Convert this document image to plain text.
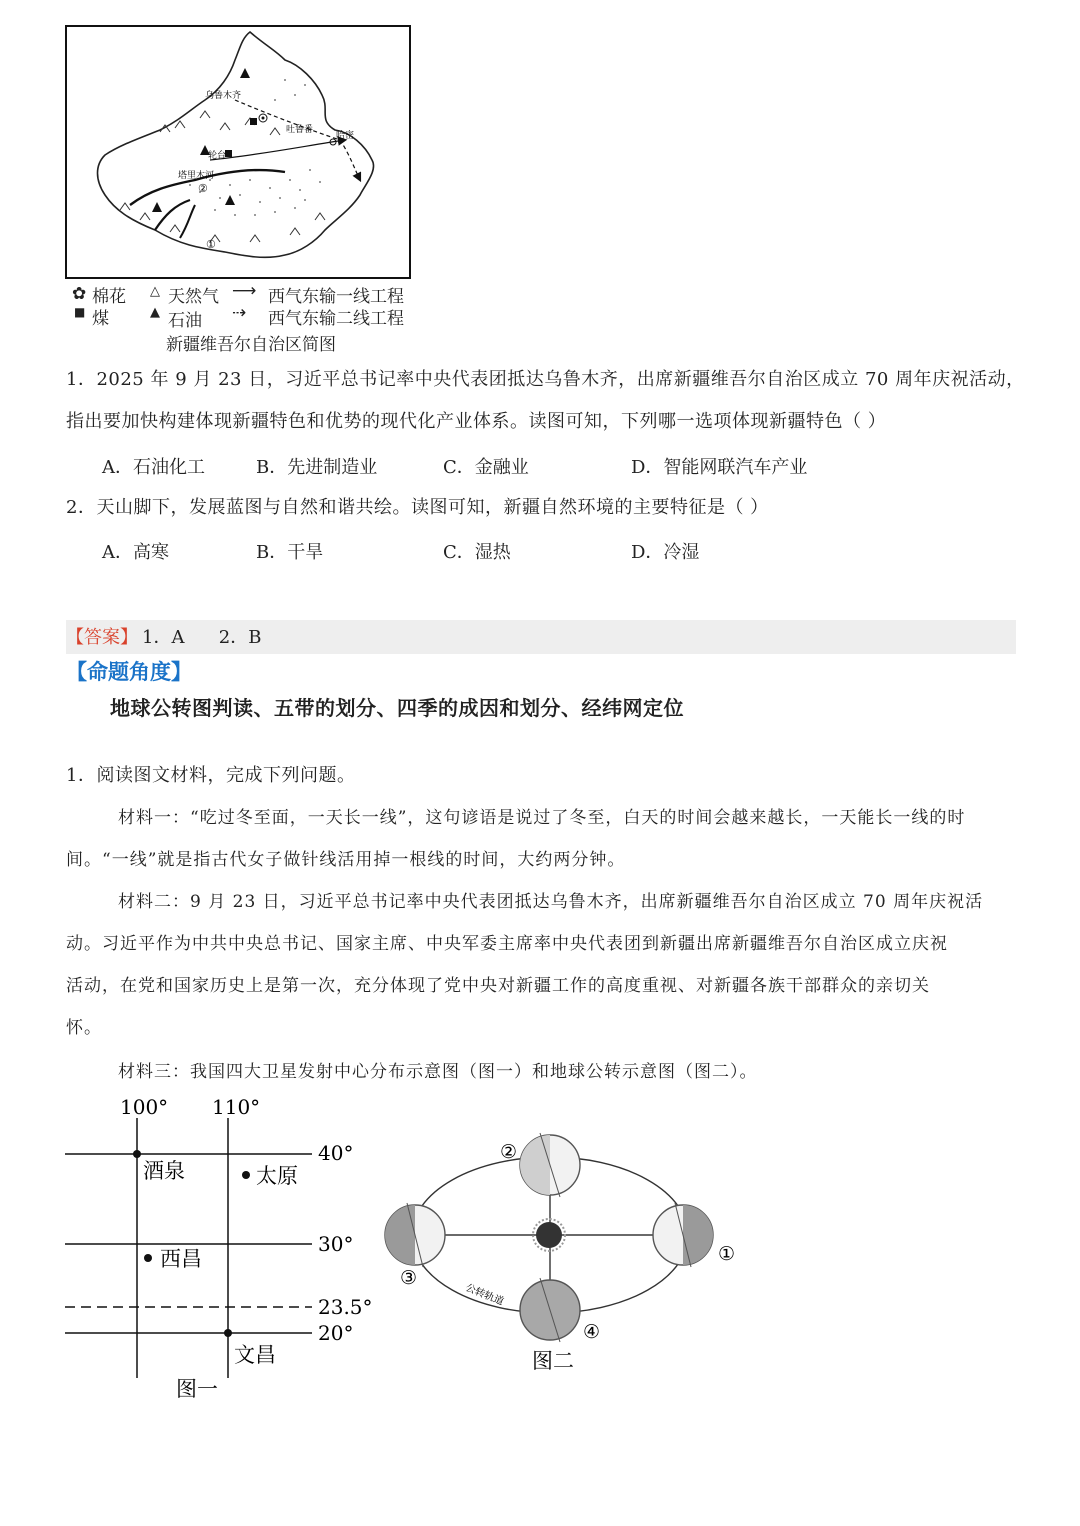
乌鲁木齐
吐鲁番
哈密
轮台
塔里木河
②
①
✿ 棉花 △ 天然气 ⟶ 西气东输一线工程
■ 煤	▲ 石油 ⇢ 西气东输二线工程
新疆维吾尔自治区简图
1．2025 年 9 月 23 日，习近平总书记率中央代表团抵达乌鲁木齐，出席新疆维吾尔自治区成立 70 周年庆祝活动，
指出要加快构建体现新疆特色和优势的现代化产业体系。读图可知，下列哪一选项体现新疆特色（ ）
A．石油化工	B．先进制造业	C．金融业	D．智能网联汽车产业
2．天山脚下，发展蓝图与自然和谐共绘。读图可知，新疆自然环境的主要特征是（ ）
A．高寒	B．干旱	C．湿热	D．冷湿
【答案】 1．A      2．B
【命题角度】
地球公转图判读、五带的划分、四季的成因和划分、经纬网定位
1．阅读图文材料，完成下列问题。
材料一：“吃过冬至面，一天长一线”，这句谚语是说过了冬至，白天的时间会越来越长，一天能长一线的时
间。“一线”就是指古代女子做针线活用掉一根线的时间，大约两分钟。
材料二：9 月 23 日，习近平总书记率中央代表团抵达乌鲁木齐，出席新疆维吾尔自治区成立 70 周年庆祝活
动。习近平作为中共中央总书记、国家主席、中央军委主席率中央代表团到新疆出席新疆维吾尔自治区成立庆祝
活动，在党和国家历史上是第一次，充分体现了党中央对新疆工作的高度重视、对新疆各族干部群众的亲切关
怀。
材料三：我国四大卫星发射中心分布示意图（图一）和地球公转示意图（图二）。
100° 110°
40°
30°
23.5°
20°
酒泉	太原
西昌
文昌
图一
①
②
③
④
公转轨道
图二
